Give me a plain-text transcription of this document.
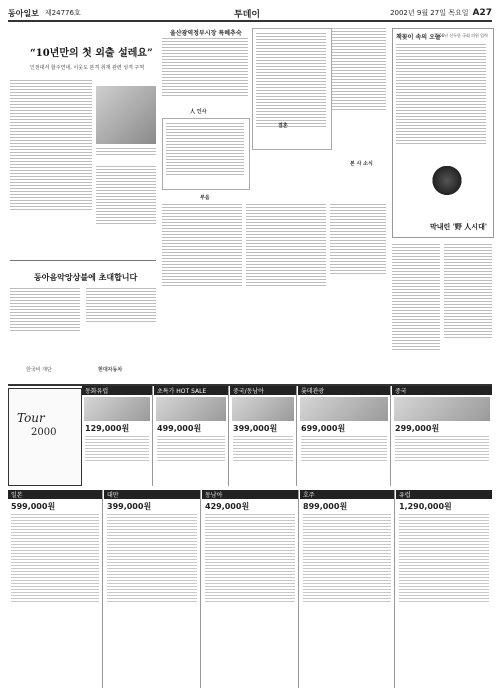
동아일보 제24776호	투데이	2002년 9월 27일 목요일 A27
“10년만의 첫 외출 설레요”
인천대서 합주연대, 이웃도 본격 취재 관련 성격 구역
동아음악앙상블에 초대합니다
한국비 재단	현대자동차
울산광역정부시장 특혜추숙
人 인사
결혼
본 사 소식
부음
책꽂이 속의 오늘
1966년 신두한 국회 의원 입력
막내린 '野 人시대'
동화유럽
129,000원
초특가 HOT SALE
499,000원
중국/동남아
399,000원
롯데관광
699,000원
중국
299,000원
일본
599,000원
대만
399,000원
동남아
429,000원
호주
899,000원
유럽
1,290,000원
Tour
2000
